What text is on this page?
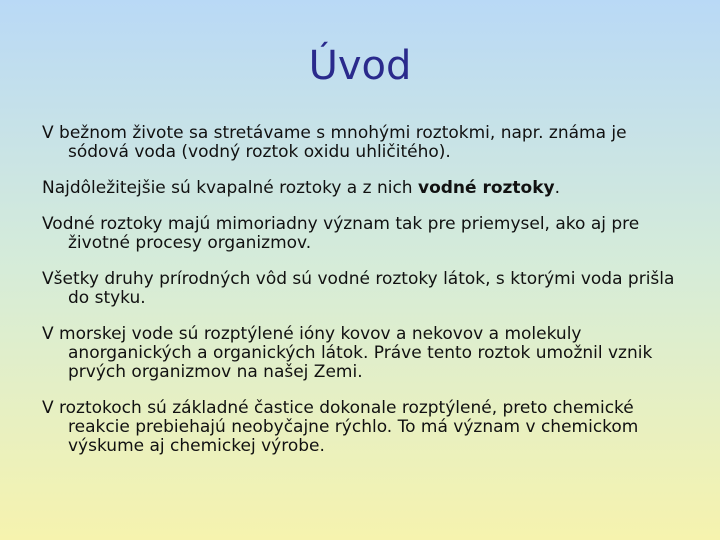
Úvod

V bežnom živote sa stretávame s mnohými roztokmi, napr. známa je sódová voda (vodný roztok oxidu uhličitého).

Najdôležitejšie sú kvapalné roztoky a z nich vodné roztoky.

Vodné roztoky majú mimoriadny význam tak pre priemysel, ako aj pre životné procesy organizmov.

Všetky druhy prírodných vôd sú vodné roztoky látok, s ktorými voda prišla do styku.

V morskej vode sú rozptýlené ióny kovov a nekovov a molekuly anorganických a organických látok. Práve tento roztok umožnil vznik prvých organizmov na našej Zemi.

V roztokoch sú základné častice dokonale rozptýlené, preto chemické reakcie prebiehajú neobyčajne rýchlo. To má význam v chemickom výskume aj chemickej výrobe.
